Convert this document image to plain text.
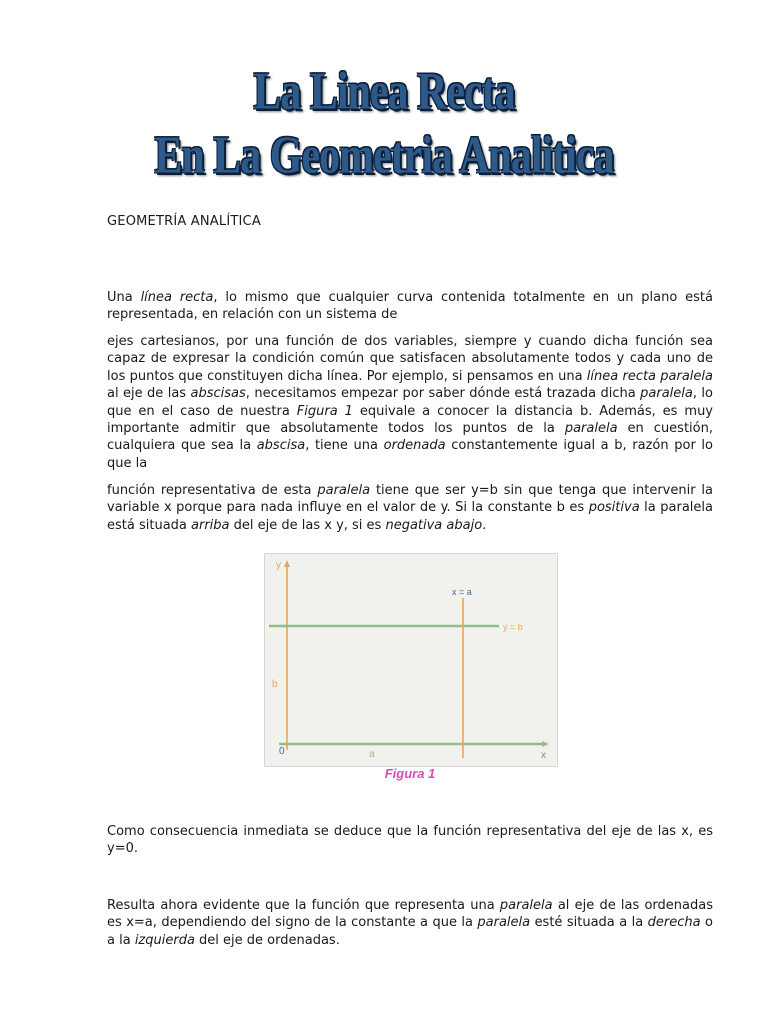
La Linea Recta
En La Geometria Analitica
GEOMETRÍA ANALÍTICA

Una línea recta, lo mismo que cualquier curva contenida totalmente en un plano está representada, en relación con un sistema de

ejes cartesianos, por una función de dos variables, siempre y cuando dicha función sea capaz de expresar la condición común que satisfacen absolutamente todos y cada uno de los puntos que constituyen dicha línea. Por ejemplo, si pensamos en una línea recta paralela al eje de las abscisas, necesitamos empezar por saber dónde está trazada dicha paralela, lo que en el caso de nuestra Figura 1 equivale a conocer la distancia b. Además, es muy importante admitir que absolutamente todos los puntos de la paralela en cuestión, cualquiera que sea la abscisa, tiene una ordenada constantemente igual a b, razón por lo que la

función representativa de esta paralela tiene que ser y=b sin que tenga que intervenir la variable x porque para nada influye en el valor de y. Si la constante b es positiva la paralela está situada arriba del eje de las x y, si es negativa abajo.

y
x
0
b
a
x = a
y = b
Figura 1

Como consecuencia inmediata se deduce que la función representativa del eje de las x, es y=0.

Resulta ahora evidente que la función que representa una paralela al eje de las ordenadas es x=a, dependiendo del signo de la constante a que la paralela esté situada a la derecha o a la izquierda del eje de ordenadas.
